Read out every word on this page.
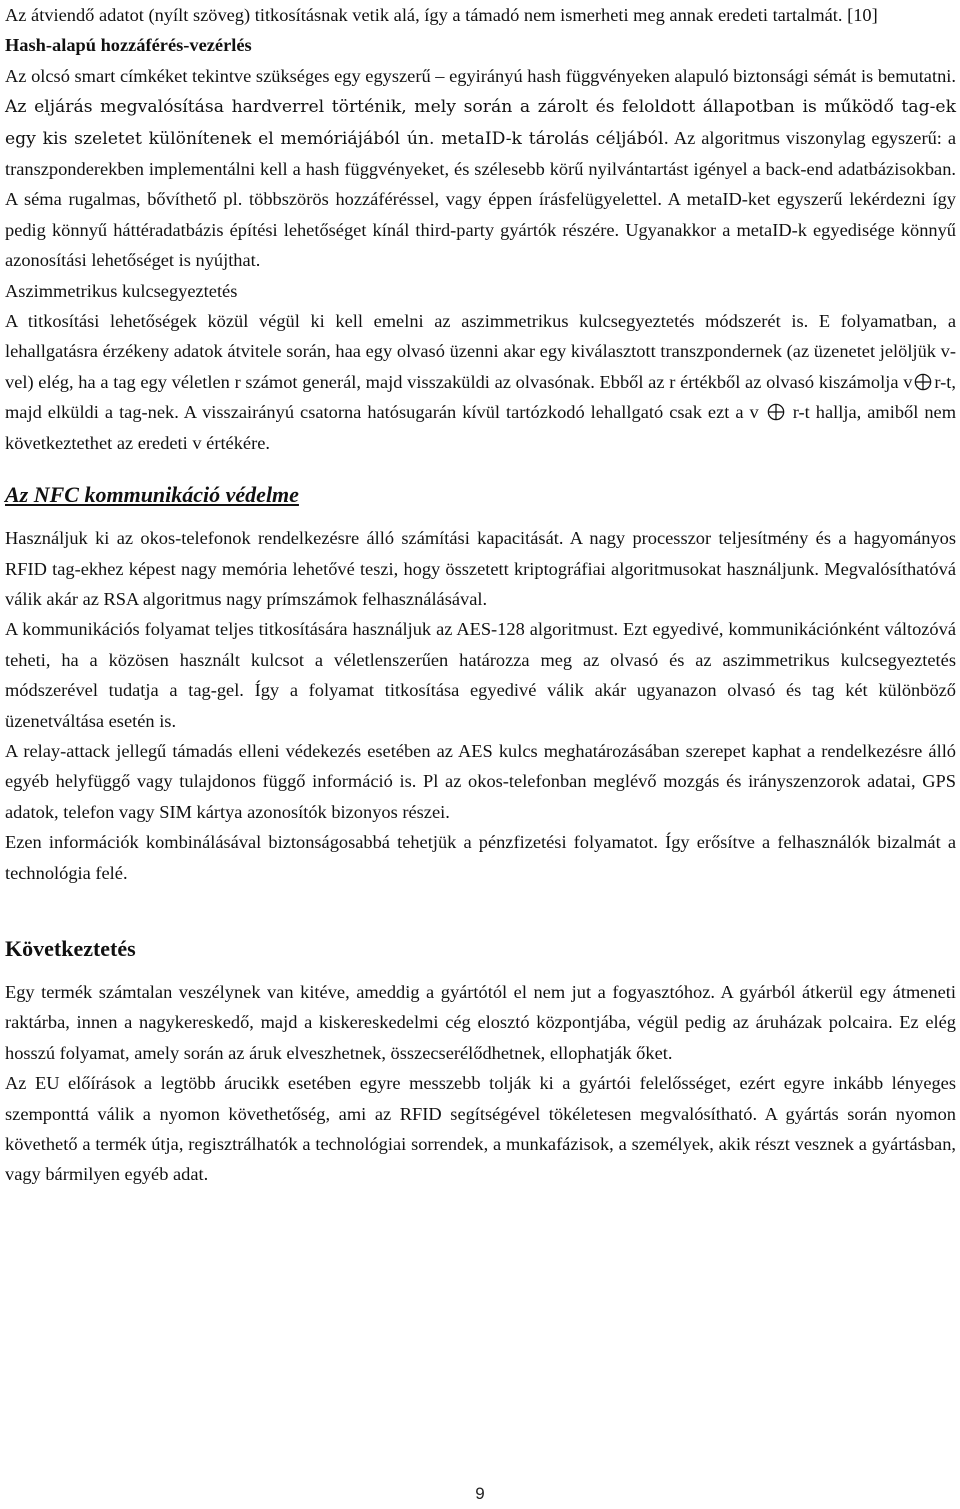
Az átviendő adatot (nyílt szöveg) titkosításnak vetik alá, így a támadó nem ismerheti meg annak eredeti tartalmát. [10]

Hash-alapú hozzáférés-vezérlés

Az olcsó smart címkéket tekintve szükséges egy egyszerű – egyirányú hash függvényeken alapuló biztonsági sémát is bemutatni. Az eljárás megvalósítása hardverrel történik, mely során a zárolt és feloldott állapotban is működő tag-ek egy kis szeletet különítenek el memóriájából ún. metaID-k tárolás céljából. Az algoritmus viszonylag egyszerű: a transzponderekben implementálni kell a hash függvényeket, és szélesebb körű nyilvántartást igényel a back-end adatbázisokban. A séma rugalmas, bővíthető pl. többszörös hozzáféréssel, vagy éppen írásfelügyelettel. A metaID-ket egyszerű lekérdezni így pedig könnyű háttéradatbázis építési lehetőséget kínál third-party gyártók részére. Ugyanakkor a metaID-k egyedisége könnyű azonosítási lehetőséget is nyújthat.

Aszimmetrikus kulcsegyeztetés

A titkosítási lehetőségek közül végül ki kell emelni az aszimmetrikus kulcsegyeztetés módszerét is. E folyamatban, a lehallgatásra érzékeny adatok átvitele során, haa egy olvasó üzenni akar egy kiválasztott transzpondernek (az üzenetet jelöljük v-vel) elég, ha a tag egy véletlen r számot generál, majd visszaküldi az olvasónak. Ebből az r értékből az olvasó kiszámolja v r-t, majd elküldi a tag-nek. A visszairányú csatorna hatósugarán kívül tartózkodó lehallgató csak ezt a v  r-t hallja, amiből nem következtethet az eredeti v értékére.

Az NFC kommunikáció védelme

Használjuk ki az okos-telefonok rendelkezésre álló számítási kapacitását. A nagy processzor teljesítmény és a hagyományos RFID tag-ekhez képest nagy memória lehetővé teszi, hogy összetett kriptográfiai algoritmusokat használjunk. Megvalósíthatóvá válik akár az RSA algoritmus nagy prímszámok felhasználásával.

A kommunikációs folyamat teljes titkosítására használjuk az AES-128 algoritmust. Ezt egyedivé, kommunikációnként változóvá teheti, ha a közösen használt kulcsot a véletlenszerűen határozza meg az olvasó és az aszimmetrikus kulcsegyeztetés módszerével tudatja a tag-gel. Így a folyamat titkosítása egyedivé válik akár ugyanazon olvasó és tag két különböző üzenetváltása esetén is.

A relay-attack jellegű támadás elleni védekezés esetében az AES kulcs meghatározásában szerepet kaphat a rendelkezésre álló egyéb helyfüggő vagy tulajdonos függő információ is. Pl az okos-telefonban meglévő mozgás és irányszenzorok adatai, GPS adatok, telefon vagy SIM kártya azonosítók bizonyos részei.

Ezen információk kombinálásával biztonságosabbá tehetjük a pénzfizetési folyamatot. Így erősítve a felhasználók bizalmát a technológia felé.

Következtetés

Egy termék számtalan veszélynek van kitéve, ameddig a gyártótól el nem jut a fogyasztóhoz. A gyárból átkerül egy átmeneti raktárba, innen a nagykereskedő, majd a kiskereskedelmi cég elosztó központjába, végül pedig az áruházak polcaira. Ez elég hosszú folyamat, amely során az áruk elveszhetnek, összecserélődhetnek, ellophatják őket.

Az EU előírások a legtöbb árucikk esetében egyre messzebb tolják ki a gyártói felelősséget, ezért egyre inkább lényeges szemponttá válik a nyomon követhetőség, ami az RFID segítségével tökéletesen megvalósítható. A gyártás során nyomon követhető a termék útja, regisztrálhatók a technológiai sorrendek, a munkafázisok, a személyek, akik részt vesznek a gyártásban, vagy bármilyen egyéb adat.

9
